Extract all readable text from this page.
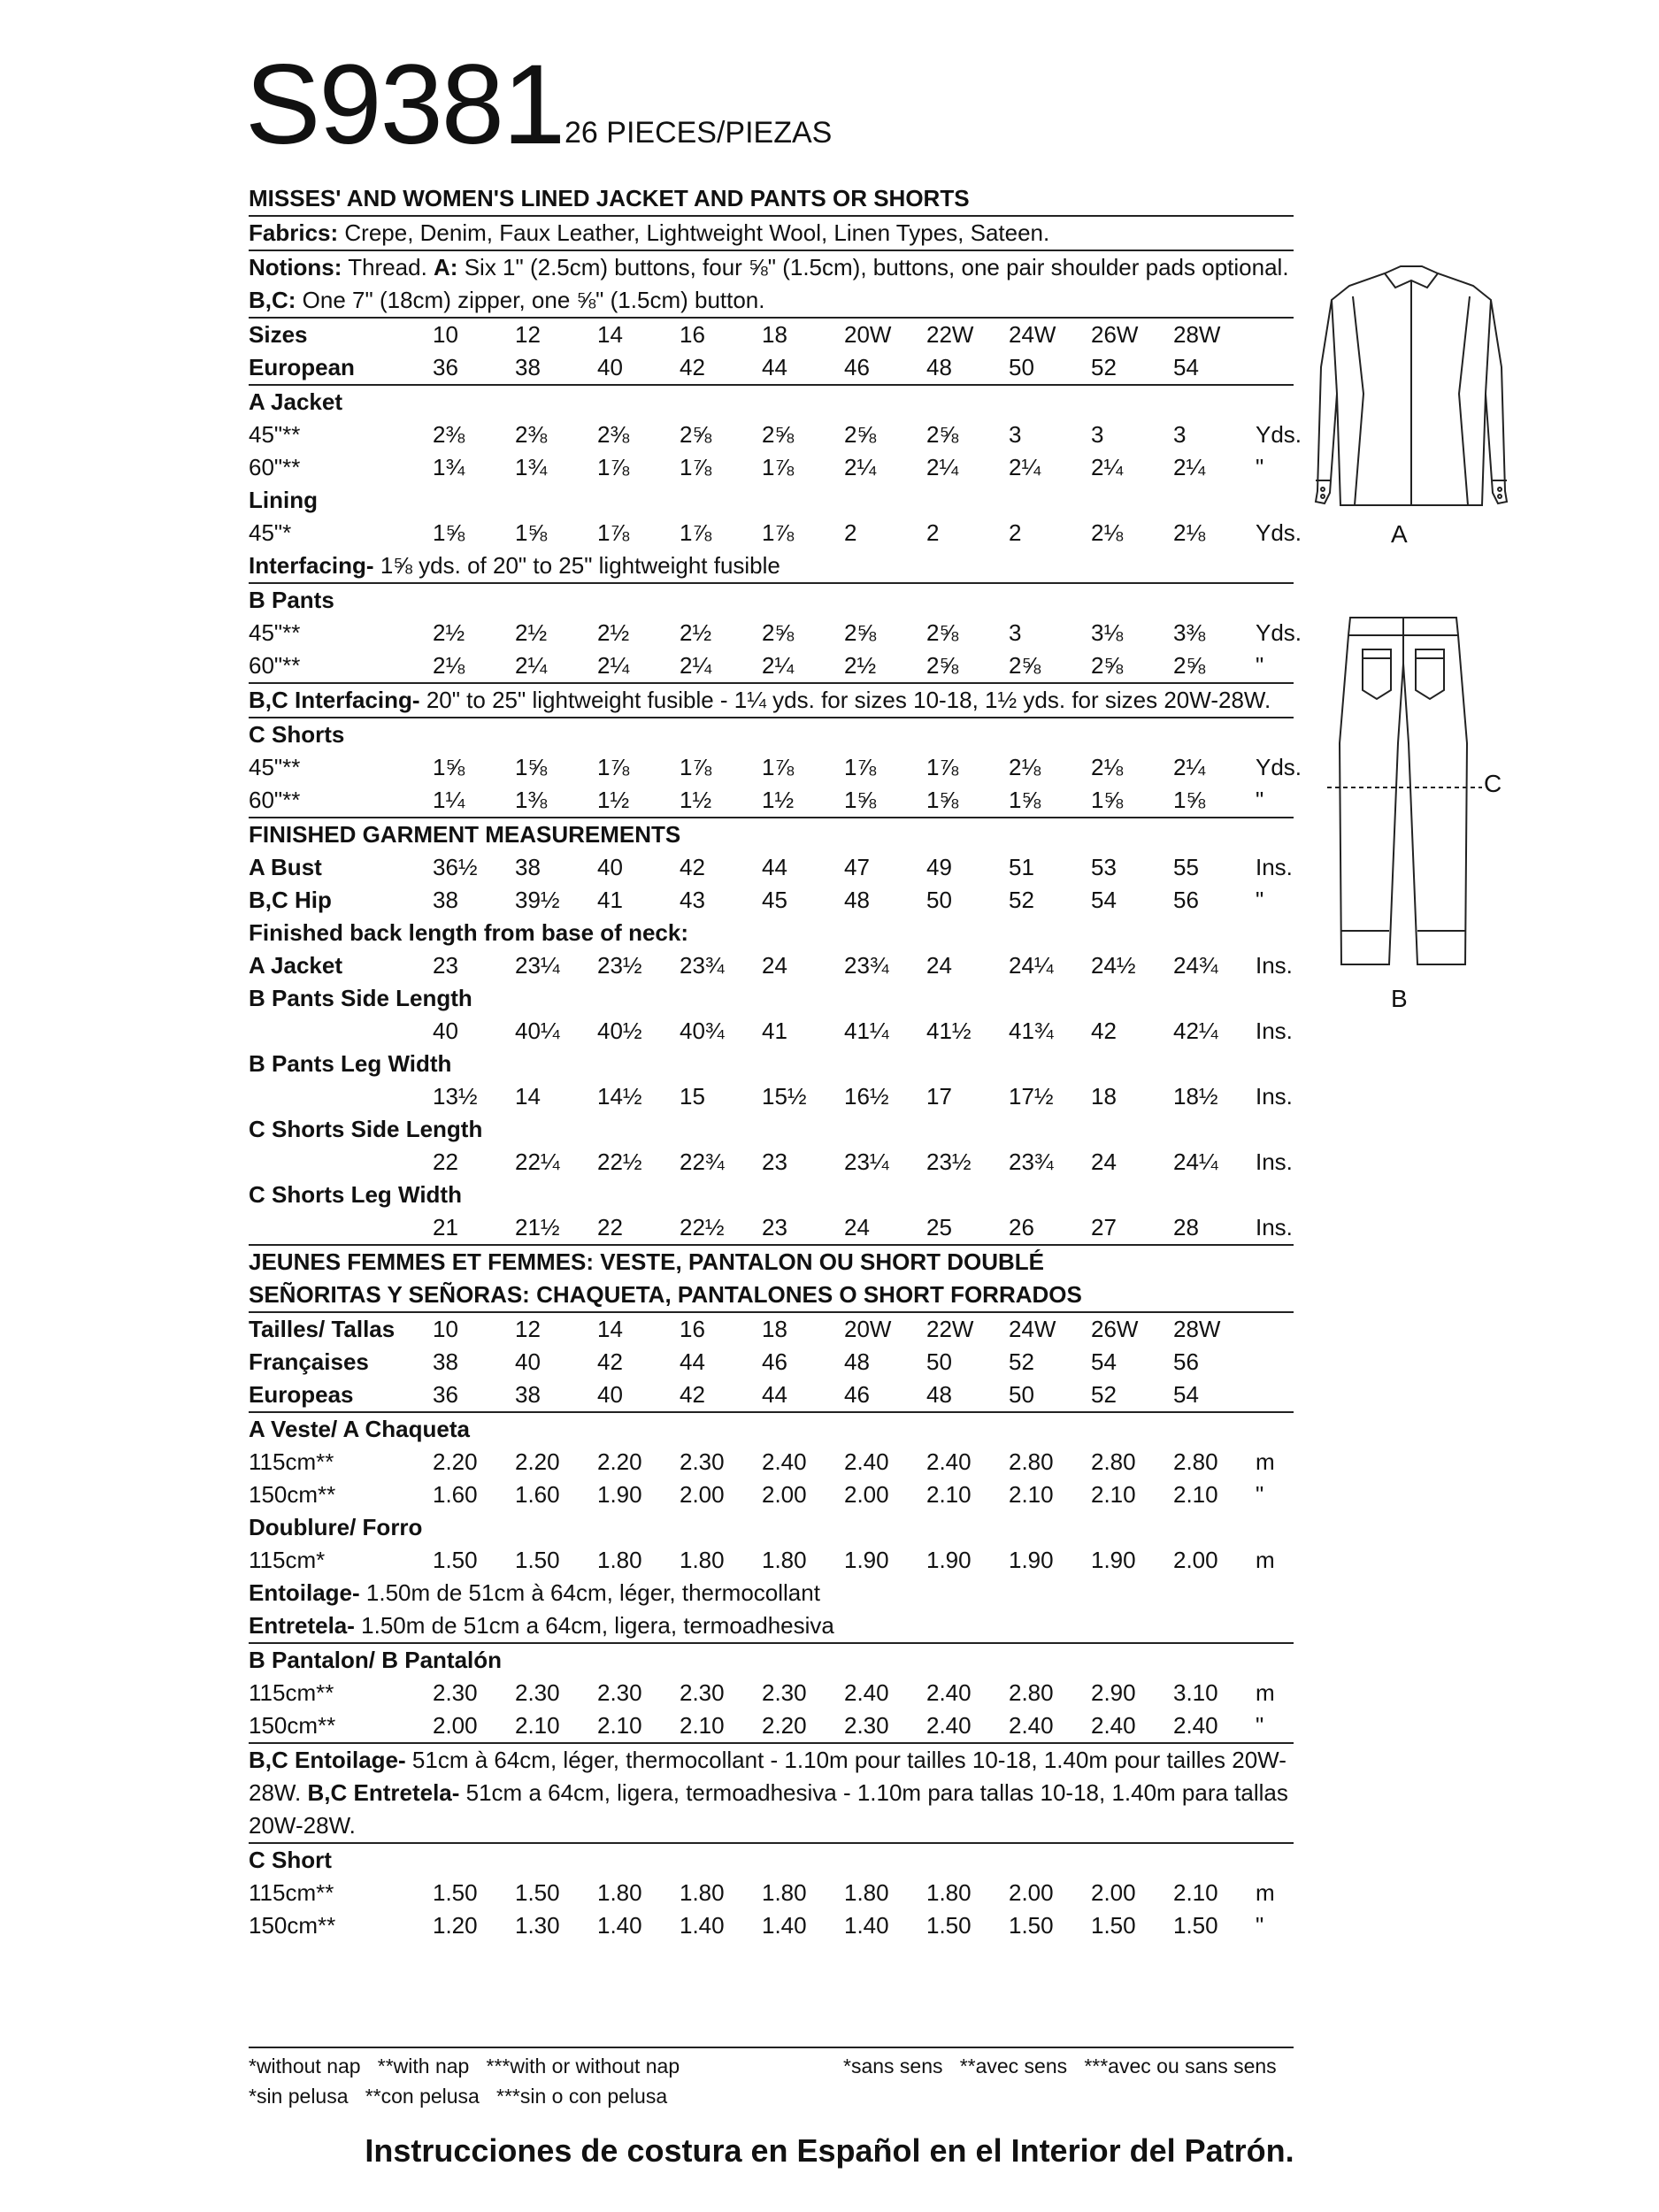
S9381 26 PIECES/PIEZAS
MISSES' AND WOMEN'S LINED JACKET AND PANTS OR SHORTS
Fabrics: Crepe, Denim, Faux Leather, Lightweight Wool, Linen Types, Sateen.
Notions: Thread. A: Six 1" (2.5cm) buttons, four ⅝" (1.5cm), buttons, one pair shoulder pads optional.
B,C: One 7" (18cm) zipper, one ⅝" (1.5cm) button.
Sizes	10	12	14	16	18	20W	22W	24W	26W	28W
European	36	38	40	42	44	46	48	50	52	54
A Jacket
45"**	2⅜	2⅜	2⅜	2⅝	2⅝	2⅝	2⅝	3	3	3	Yds.
60"**	1¾	1¾	1⅞	1⅞	1⅞	2¼	2¼	2¼	2¼	2¼	"
Lining
45"*	1⅝	1⅝	1⅞	1⅞	1⅞	2	2	2	2⅛	2⅛	Yds.
Interfacing- 1⅝ yds. of 20" to 25" lightweight fusible
B Pants
45"**	2½	2½	2½	2½	2⅝	2⅝	2⅝	3	3⅛	3⅜	Yds.
60"**	2⅛	2¼	2¼	2¼	2¼	2½	2⅝	2⅝	2⅝	2⅝	"
B,C Interfacing- 20" to 25" lightweight fusible - 1¼ yds. for sizes 10-18, 1½ yds. for sizes 20W-28W.
C Shorts
45"**	1⅝	1⅝	1⅞	1⅞	1⅞	1⅞	1⅞	2⅛	2⅛	2¼	Yds.
60"**	1¼	1⅜	1½	1½	1½	1⅝	1⅝	1⅝	1⅝	1⅝	"
FINISHED GARMENT MEASUREMENTS
A Bust	36½	38	40	42	44	47	49	51	53	55	Ins.
B,C Hip	38	39½	41	43	45	48	50	52	54	56	"
Finished back length from base of neck:
A Jacket	23	23¼	23½	23¾	24	23¾	24	24¼	24½	24¾	Ins.
B Pants Side Length
40	40¼	40½	40¾	41	41¼	41½	41¾	42	42¼	Ins.
B Pants Leg Width
13½	14	14½	15	15½	16½	17	17½	18	18½	Ins.
C Shorts Side Length
22	22¼	22½	22¾	23	23¼	23½	23¾	24	24¼	Ins.
C Shorts Leg Width
21	21½	22	22½	23	24	25	26	27	28	Ins.
JEUNES FEMMES ET FEMMES: VESTE, PANTALON OU SHORT DOUBLÉ
SEÑORITAS Y SEÑORAS: CHAQUETA, PANTALONES O SHORT FORRADOS
Tailles/ Tallas	10	12	14	16	18	20W	22W	24W	26W	28W
Françaises	38	40	42	44	46	48	50	52	54	56
Europeas	36	38	40	42	44	46	48	50	52	54
A Veste/ A Chaqueta
115cm**	2.20	2.20	2.20	2.30	2.40	2.40	2.40	2.80	2.80	2.80	m
150cm**	1.60	1.60	1.90	2.00	2.00	2.00	2.10	2.10	2.10	2.10	"
Doublure/ Forro
115cm*	1.50	1.50	1.80	1.80	1.80	1.90	1.90	1.90	1.90	2.00	m
Entoilage- 1.50m de 51cm à 64cm, léger, thermocollant
Entretela- 1.50m de 51cm a 64cm, ligera, termoadhesiva
B Pantalon/ B Pantalón
115cm**	2.30	2.30	2.30	2.30	2.30	2.40	2.40	2.80	2.90	3.10	m
150cm**	2.00	2.10	2.10	2.10	2.20	2.30	2.40	2.40	2.40	2.40	"
B,C Entoilage- 51cm à 64cm, léger, thermocollant - 1.10m pour tailles 10-18, 1.40m pour tailles 20W-28W. B,C Entretela- 51cm a 64cm, ligera, termoadhesiva - 1.10m para tallas 10-18, 1.40m para tallas 20W-28W.
C Short
115cm**	1.50	1.50	1.80	1.80	1.80	1.80	1.80	2.00	2.00	2.10	m
150cm**	1.20	1.30	1.40	1.40	1.40	1.40	1.50	1.50	1.50	1.50	"
A
C
B
*without nap **with nap ***with or without nap
*sin pelusa **con pelusa ***sin o con pelusa
*sans sens **avec sens ***avec ou sans sens
Instrucciones de costura en Español en el Interior del Patrón.
